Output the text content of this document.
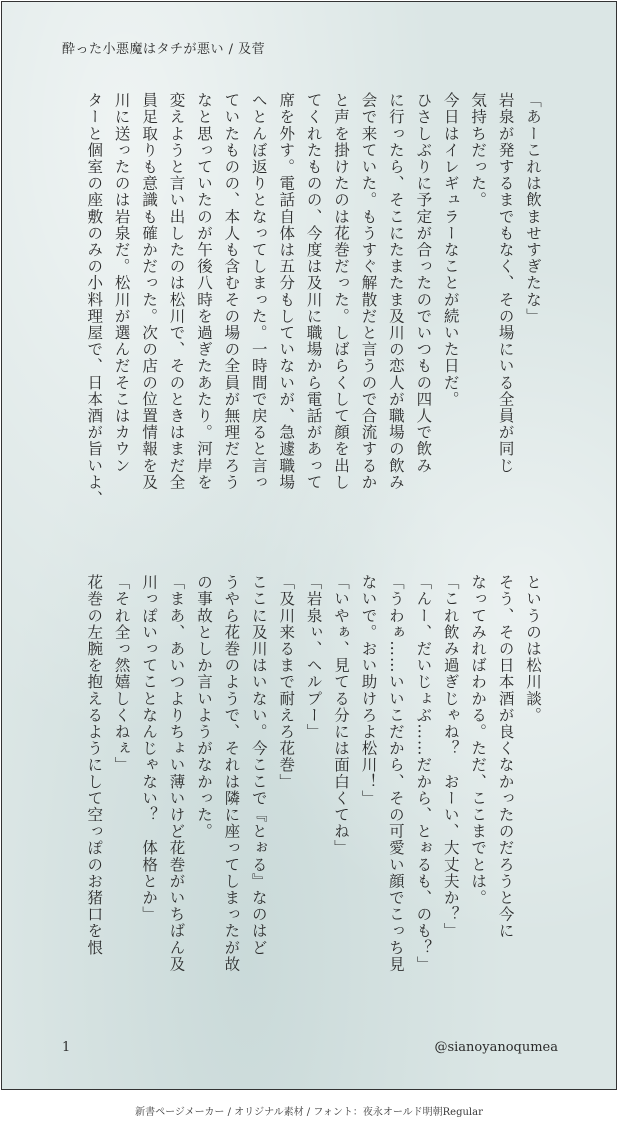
酔った小悪魔はタチが悪い / 及菅
「あーこれは飲ませすぎたな」
岩泉が発するまでもなく、その場にいる全員が同じ
気持ちだった。
今日はイレギュラーなことが続いた日だ。
ひさしぶりに予定が合ったのでいつもの四人で飲み
に行ったら、そこにたまたま及川の恋人が職場の飲み
会で来ていた。もうすぐ解散だと言うので合流するか
と声を掛けたのは花巻だった。しばらくして顔を出し
てくれたものの、今度は及川に職場から電話があって
席を外す。電話自体は五分もしていないが、急遽職場
へとんぼ返りとなってしまった。一時間で戻ると言っ
ていたものの、本人も含むその場の全員が無理だろう
なと思っていたのが午後八時を過ぎたあたり。河岸を
変えようと言い出したのは松川で、そのときはまだ全
員足取りも意識も確かだった。次の店の位置情報を及
川に送ったのは岩泉だ。松川が選んだそこはカウン
ターと個室の座敷のみの小料理屋で、日本酒が旨いよ、
というのは松川談。
そう、その日本酒が良くなかったのだろうと今に
なってみればわかる。ただ、ここまでとは。
「これ飲み過ぎじゃね？　おーい、大丈夫か？」
「んー、だいじょぶ……だから、とぉるも、のも？」
「うわぁ……いいこだから、その可愛い顔でこっち見
ないで。おい助けろよ松川！」
「いやぁ、見てる分には面白くてね」
「岩泉ぃ、ヘルプー」
「及川来るまで耐えろ花巻」
ここに及川はいない。今ここで『とぉる』なのはど
うやら花巻のようで、それは隣に座ってしまったが故
の事故としか言いようがなかった。
「まあ、あいつよりちょい薄いけど花巻がいちばん及
川っぽいってことなんじゃない？　体格とか」
「それ全っ然嬉しくねぇ」
花巻の左腕を抱えるようにして空っぽのお猪口を恨
1	@sianoyanoqumea
新書ページメーカー / オリジナル素材 / フォント：夜永オールド明朝Regular
